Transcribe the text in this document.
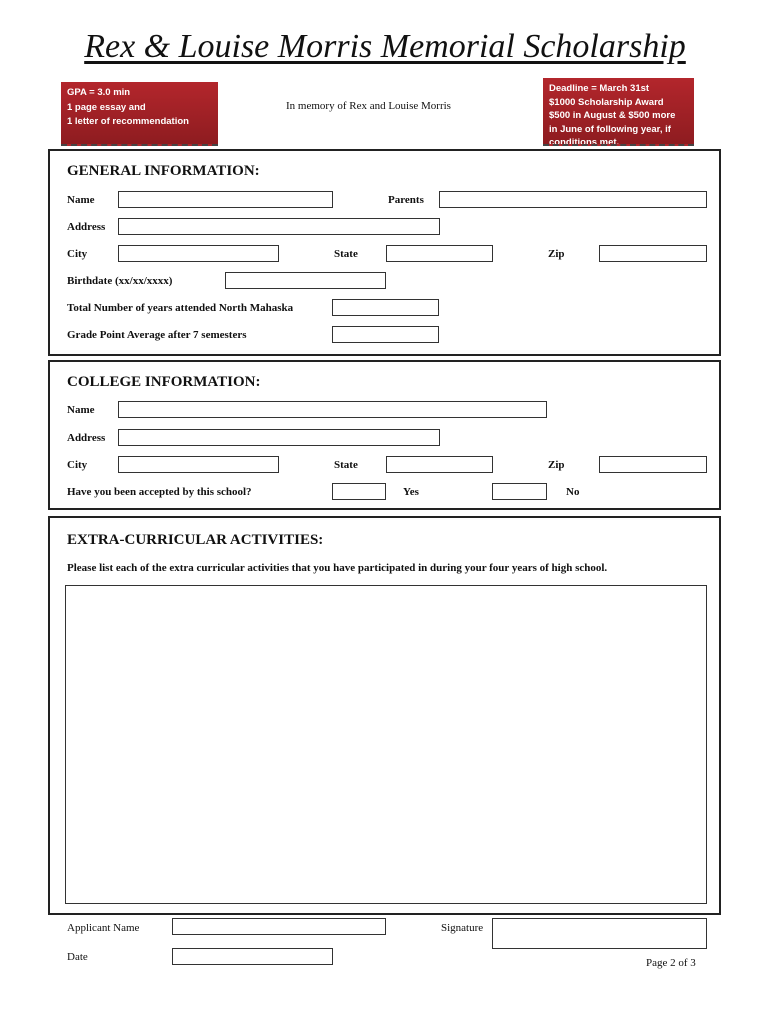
Rex & Louise Morris Memorial Scholarship
GPA = 3.0 min
1 page essay and
1 letter of recommendation
In memory of Rex and Louise Morris
Deadline = March 31st
$1000 Scholarship Award
$500 in August & $500 more
in June of following year, if
conditions met.
GENERAL INFORMATION:
Name	Parents
Address
City	State	Zip
Birthdate (xx/xx/xxxx)
Total Number of years attended North Mahaska
Grade Point Average after 7 semesters
COLLEGE INFORMATION:
Name
Address
City	State	Zip
Have you been accepted by this school?	Yes	No
EXTRA-CURRICULAR ACTIVITIES:
Please list each of the extra curricular activities that you have participated in during your four years of high school.
Applicant Name	Signature
Date	Page 2 of 3
